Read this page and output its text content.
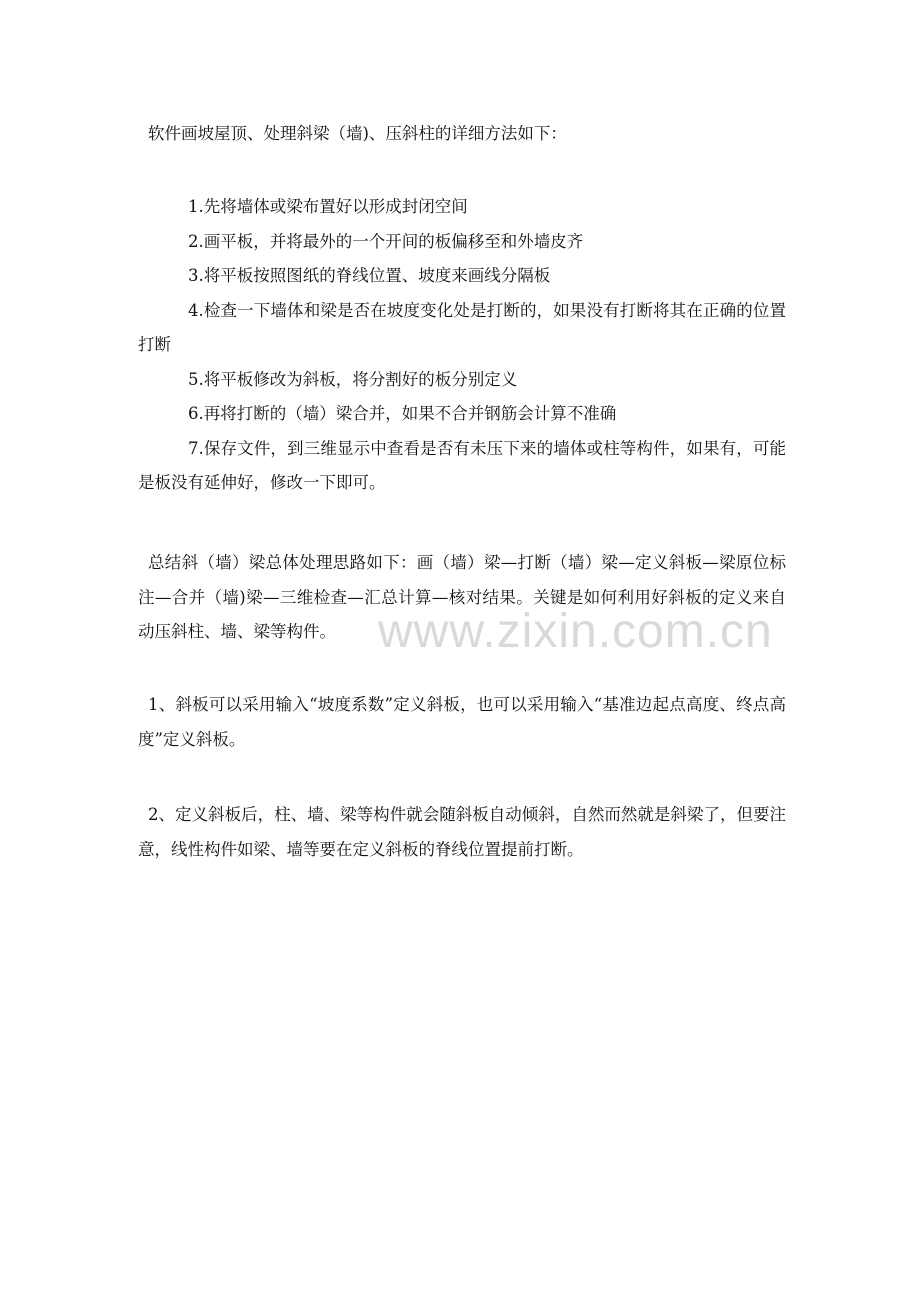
软件画坡屋顶、处理斜梁（墙)、压斜柱的详细方法如下：

1.先将墙体或梁布置好以形成封闭空间

2.画平板，并将最外的一个开间的板偏移至和外墙皮齐

3.将平板按照图纸的脊线位置、坡度来画线分隔板

4.检查一下墙体和梁是否在坡度变化处是打断的，如果没有打断将其在正确的位置打断

5.将平板修改为斜板，将分割好的板分别定义

6.再将打断的（墙）梁合并，如果不合并钢筋会计算不准确

7.保存文件，到三维显示中查看是否有未压下来的墙体或柱等构件，如果有，可能是板没有延伸好，修改一下即可。

总结斜（墙）梁总体处理思路如下：画（墙）梁—打断（墙）梁—定义斜板—梁原位标注—合并（墙)梁—三维检查—汇总计算—核对结果。关键是如何利用好斜板的定义来自动压斜柱、墙、梁等构件。

1、斜板可以采用输入“坡度系数”定义斜板，也可以采用输入“基准边起点高度、终点高度”定义斜板。

2、定义斜板后，柱、墙、梁等构件就会随斜板自动倾斜，自然而然就是斜梁了，但要注意，线性构件如梁、墙等要在定义斜板的脊线位置提前打断。

www.zixin.com.cn
